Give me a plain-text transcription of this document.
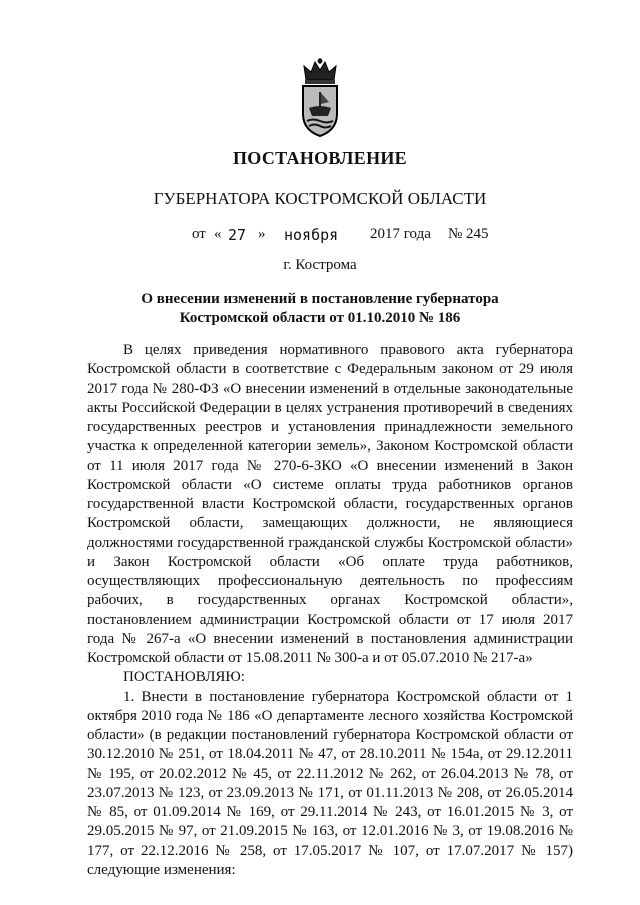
ПОСТАНОВЛЕНИЕ
ГУБЕРНАТОРА КОСТРОМСКОЙ ОБЛАСТИ
от « 27 » ноября 2017 года № 245
г. Кострома
О внесении изменений в постановление губернатора
Костромской области от 01.10.2010 № 186

В целях приведения нормативного правового акта губернатора Костромской области в соответствие с Федеральным законом от 29 июля 2017 года № 280-ФЗ «О внесении изменений в отдельные законодательные акты Российской Федерации в целях устранения противоречий в сведениях государственных реестров и установления принадлежности земельного участка к определенной категории земель», Законом Костромской области от 11 июля 2017 года № 270-6-ЗКО «О внесении изменений в Закон Костромской области «О системе оплаты труда работников органов государственной власти Костромской области, государственных органов Костромской области, замещающих должности, не являющиеся должностями государственной гражданской службы Костромской области» и Закон Костромской области «Об оплате труда работников, осуществляющих профессиональную деятельность по профессиям рабочих, в государственных органах Костромской области», постановлением администрации Костромской области от 17 июля 2017 года № 267-а «О внесении изменений в постановления администрации Костромской области от 15.08.2011 № 300-а и от 05.07.2010 № 217-а»

ПОСТАНОВЛЯЮ:

1. Внести в постановление губернатора Костромской области от 1 октября 2010 года № 186 «О департаменте лесного хозяйства Костромской области» (в редакции постановлений губернатора Костромской области от 30.12.2010 № 251, от 18.04.2011 № 47, от 28.10.2011 № 154а, от 29.12.2011 № 195, от 20.02.2012 № 45, от 22.11.2012 № 262, от 26.04.2013 № 78, от 23.07.2013 № 123, от 23.09.2013 № 171, от 01.11.2013 № 208, от 26.05.2014 № 85, от 01.09.2014 № 169, от 29.11.2014 № 243, от 16.01.2015 № 3, от 29.05.2015 № 97, от 21.09.2015 № 163, от 12.01.2016 № 3, от 19.08.2016 № 177, от 22.12.2016 № 258, от 17.05.2017 № 107, от 17.07.2017 № 157) следующие изменения:
